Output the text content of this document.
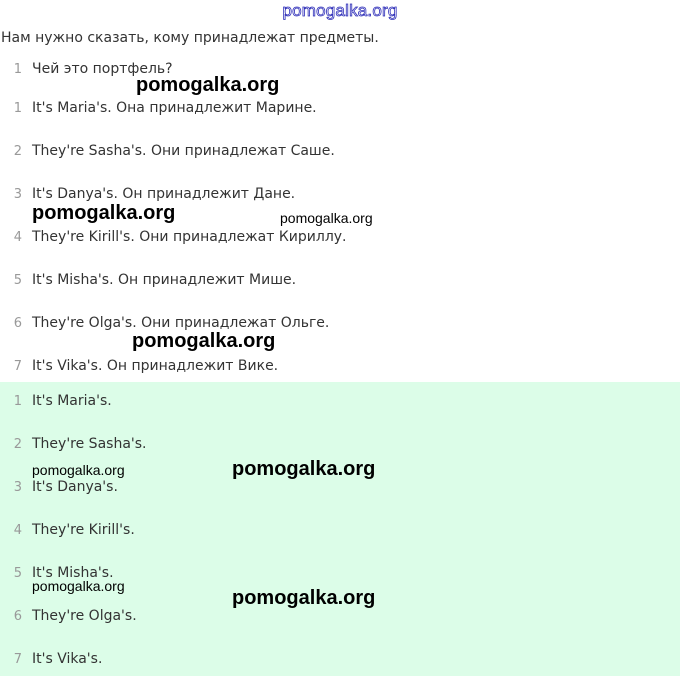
pomogalka.org
Нам нужно сказать, кому принадлежат предметы.
1 Чей это портфель?
1 It's Maria's. Она принадлежит Марине.
2 They're Sasha's. Они принадлежат Саше.
3 It's Danya's. Он принадлежит Дане.
4 They're Kirill's. Они принадлежат Кириллу.
5 It's Misha's. Он принадлежит Мише.
6 They're Olga's. Они принадлежат Ольге.
7 It's Vika's. Он принадлежит Вике.
1 It's Maria's.
2 They're Sasha's.
3 It's Danya's.
4 They're Kirill's.
5 It's Misha's.
6 They're Olga's.
7 It's Vika's.
pomogalka.org
pomogalka.org	pomogalka.org
pomogalka.org
pomogalka.org	pomogalka.org
pomogalka.org
pomogalka.org
